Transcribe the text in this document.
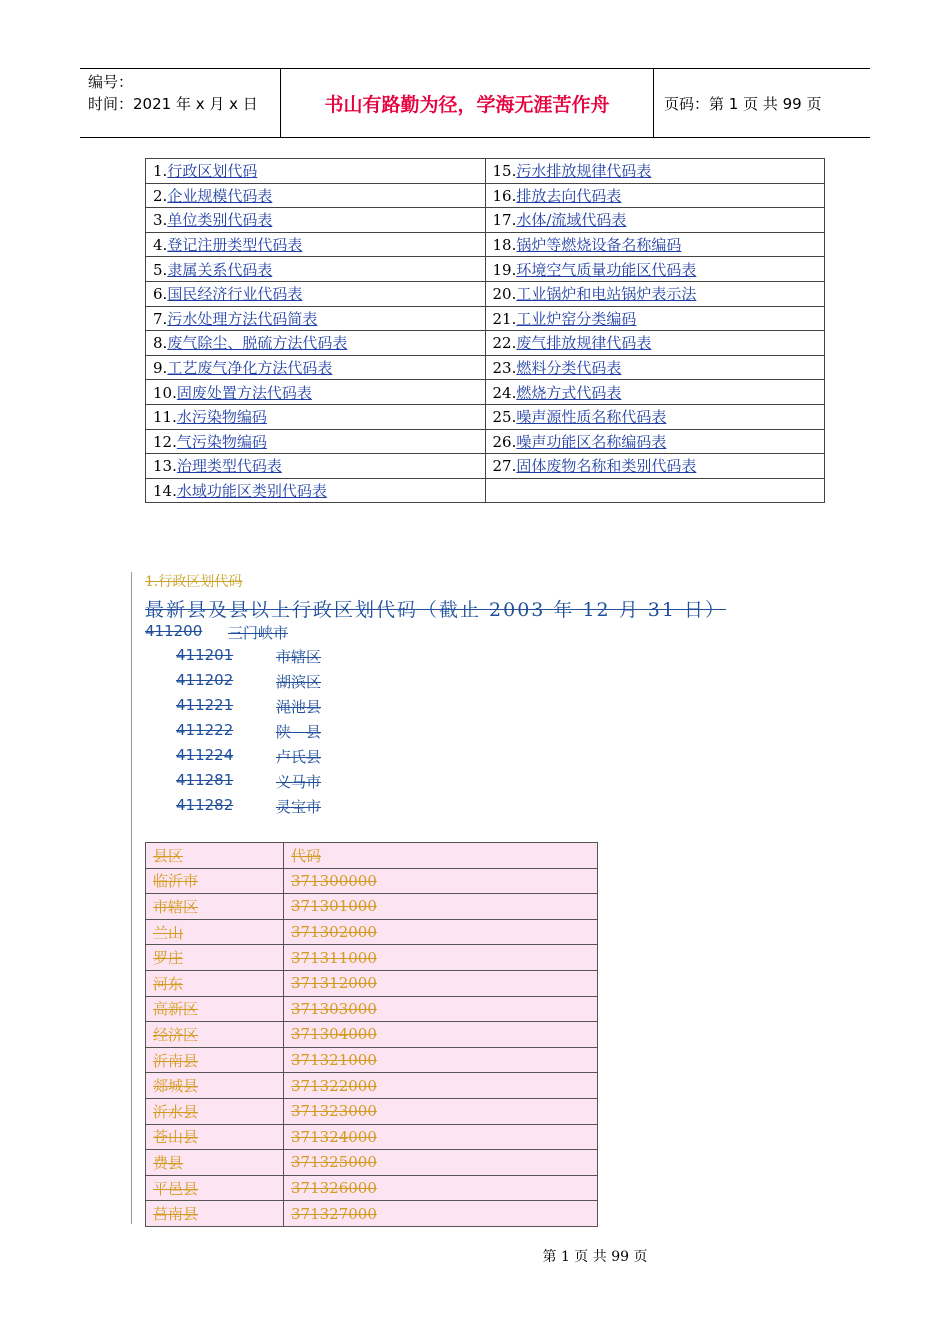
编号：
时间：2021 年 x 月 x 日	书山有路勤为径，学海无涯苦作舟	页码：第 1 页 共 99 页
1.行政区划代码	15.污水排放规律代码表
2.企业规模代码表	16.排放去向代码表
3.单位类别代码表	17.水体/流域代码表
4.登记注册类型代码表	18.锅炉等燃烧设备名称编码
5.隶属关系代码表	19.环境空气质量功能区代码表
6.国民经济行业代码表	20.工业锅炉和电站锅炉表示法
7.污水处理方法代码简表	21.工业炉窑分类编码
8.废气除尘、脱硫方法代码表	22.废气排放规律代码表
9.工艺废气净化方法代码表	23.燃料分类代码表
10.固废处置方法代码表	24.燃烧方式代码表
11.水污染物编码	25.噪声源性质名称代码表
12.气污染物编码	26.噪声功能区名称编码表
13.治理类型代码表	27.固体废物名称和类别代码表
14.水域功能区类别代码表	
1.行政区划代码
最新县及县以上行政区划代码（截止 2003 年 12 月 31 日）
411200	三门峡市
411201	市辖区
411202	湖滨区
411221	渑池县
411222	陕　县
411224	卢氏县
411281	义马市
411282	灵宝市
县区	代码
临沂市	371300000
市辖区	371301000
兰山	371302000
罗庄	371311000
河东	371312000
高新区	371303000
经济区	371304000
沂南县	371321000
郯城县	371322000
沂水县	371323000
苍山县	371324000
费县	371325000
平邑县	371326000
莒南县	371327000
第 1 页 共 99 页
